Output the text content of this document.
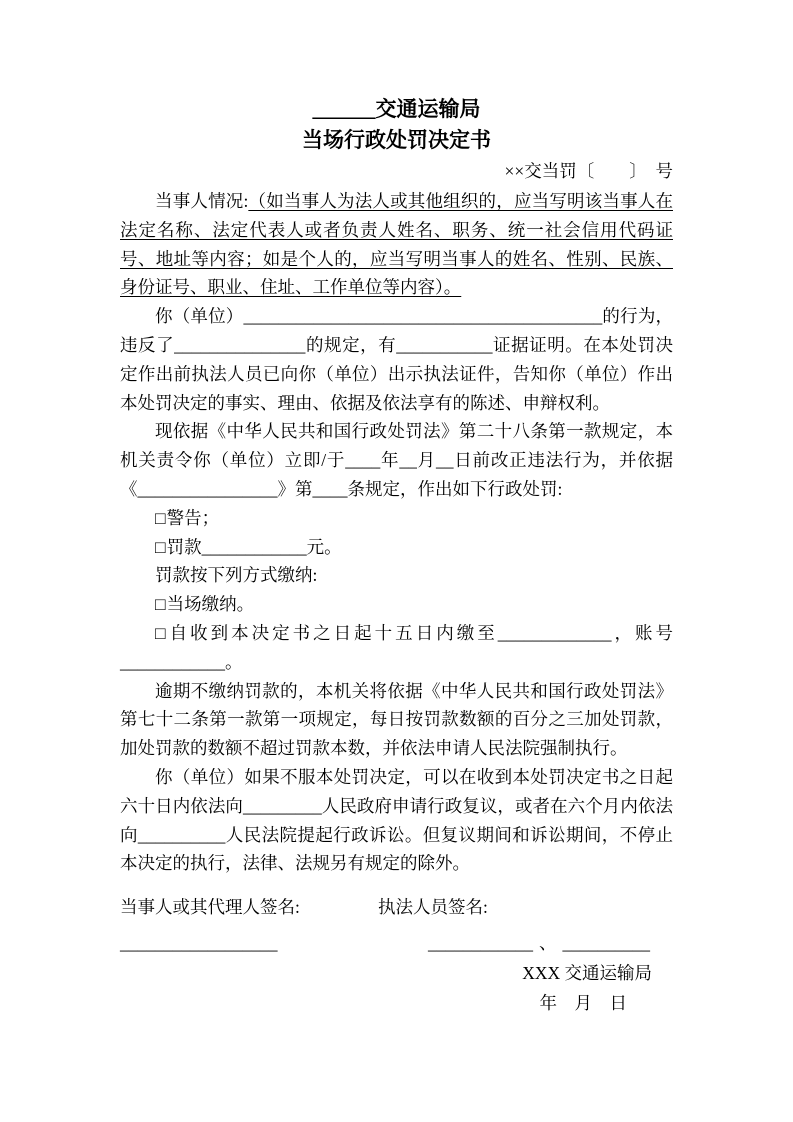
______交通运输局
当场行政处罚决定书
××交当罚〔　　〕　号

当事人情况:（如当事人为法人或其他组织的，应当写明该当事人在法定名称、法定代表人或者负责人姓名、职务、统一社会信用代码证号、地址等内容；如是个人的，应当写明当事人的姓名、性别、民族、身份证号、职业、住址、工作单位等内容）。

你（单位）_________________________________________的行为，违反了_______________的规定，有___________证据证明。在本处罚决定作出前执法人员已向你（单位）出示执法证件，告知你（单位）作出本处罚决定的事实、理由、依据及依法享有的陈述、申辩权利。

现依据《中华人民共和国行政处罚法》第二十八条第一款规定，本机关责令你（单位）立即/于____年__月__日前改正违法行为，并依据《________________》第____条规定，作出如下行政处罚:

□警告；

□罚款____________元。

罚款按下列方式缴纳:

□当场缴纳。

□自收到本决定书之日起十五日内缴至_____________，账号____________。

逾期不缴纳罚款的，本机关将依据《中华人民共和国行政处罚法》第七十二条第一款第一项规定，每日按罚款数额的百分之三加处罚款，加处罚款的数额不超过罚款本数，并依法申请人民法院强制执行。

你（单位）如果不服本处罚决定，可以在收到本处罚决定书之日起六十日内依法向_________人民政府申请行政复议，或者在六个月内依法向__________人民法院提起行政诉讼。但复议期间和诉讼期间，不停止本决定的执行，法律、法规另有规定的除外。

当事人或其代理人签名:	执法人员签名:
__________________	____________ 、 __________
XXX 交通运输局
年　月　日
